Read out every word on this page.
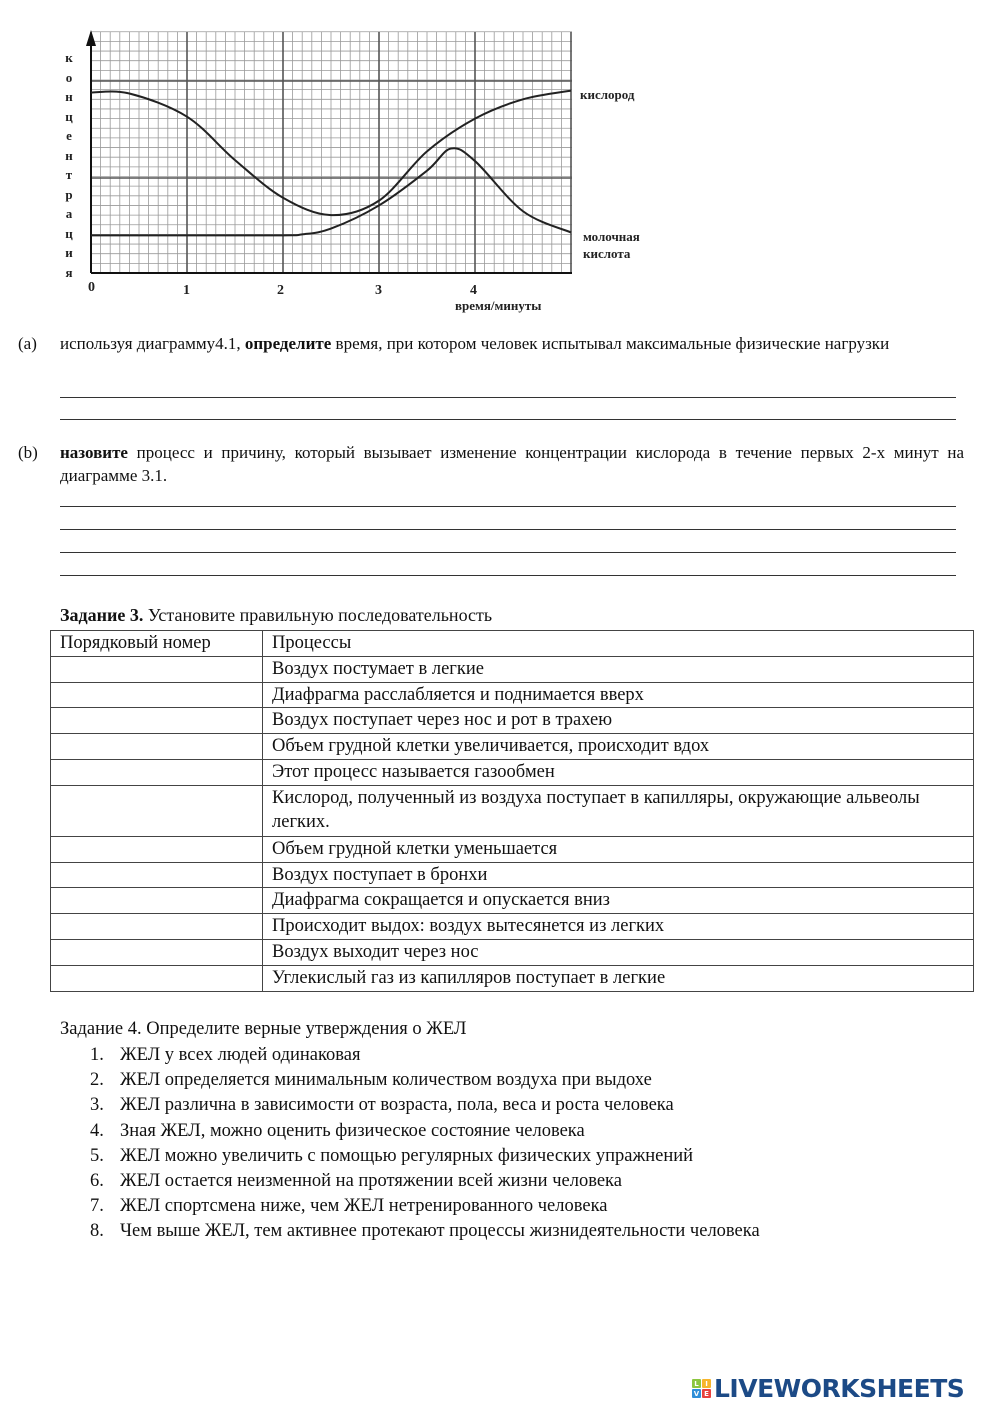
к
о
н
ц
е
н
т
р
а
ц
и
я
0	1	2	3	4
время/минуты
кислород
молочная
кислота
(a) используя диаграмму4.1, определите время, при котором человек испытывал максимальные физические нагрузки
(b) назовите процесс и причину, который вызывает изменение концентрации кислорода в течение первых 2-х минут на диаграмме 3.1.
Задание 3. Установите правильную последовательность
Порядковый номер	Процессы
	Воздух постумает в легкие
	Диафрагма расслабляется и поднимается вверх
	Воздух поступает через нос и рот в трахею
	Объем грудной клетки увеличивается, происходит вдох
	Этот процесс называется газообмен
	Кислород, полученный из воздуха поступает в капилляры, окружающие альвеолы легких.
	Объем грудной клетки уменьшается
	Воздух поступает в бронхи
	Диафрагма сокращается и опускается вниз
	Происходит выдох: воздух вытесянется из легких
	Воздух выходит через нос
	Углекислый газ из капилляров поступает в легкие
Задание 4. Определите верные утверждения о ЖЕЛ
1. ЖЕЛ у всех людей одинаковая
2. ЖЕЛ определяется минимальным количеством воздуха при выдохе
3. ЖЕЛ различна в зависимости от возраста, пола, веса и роста человека
4. Зная ЖЕЛ, можно оценить физическое состояние человека
5. ЖЕЛ можно увеличить с помощью регулярных физических упражнений
6. ЖЕЛ остается неизменной на протяжении всей жизни человека
7. ЖЕЛ спортсмена ниже, чем ЖЕЛ нетренированного человека
8. Чем выше ЖЕЛ, тем активнее протекают процессы жизнидеятельности человека
L I
V E LIVEWORKSHEETS
